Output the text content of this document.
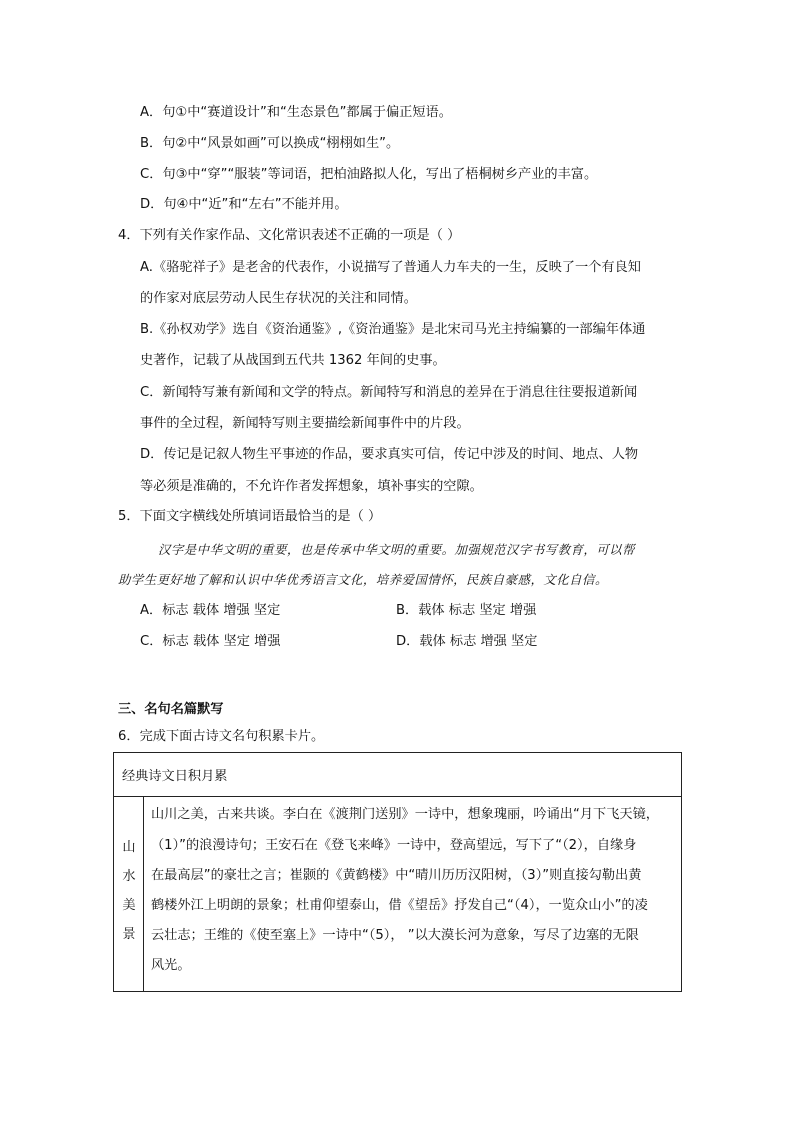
A．句①中“赛道设计”和“生态景色”都属于偏正短语。
B．句②中“风景如画”可以换成“栩栩如生”。
C．句③中“穿”“服装”等词语，把柏油路拟人化，写出了梧桐树乡产业的丰富。
D．句④中“近”和“左右”不能并用。
4．下列有关作家作品、文化常识表述不正确的一项是（ ）
A.《骆驼祥子》是老舍的代表作，小说描写了普通人力车夫的一生，反映了一个有良知
的作家对底层劳动人民生存状况的关注和同情。
B.《孙权劝学》选自《资治通鉴》,《资治通鉴》是北宋司马光主持编纂的一部编年体通
史著作，记载了从战国到五代共 1362 年间的史事。
C．新闻特写兼有新闻和文学的特点。新闻特写和消息的差异在于消息往往要报道新闻
事件的全过程，新闻特写则主要描绘新闻事件中的片段。
D．传记是记叙人物生平事迹的作品，要求真实可信，传记中涉及的时间、地点、人物
等必须是准确的，不允许作者发挥想象，填补事实的空隙。
5．下面文字横线处所填词语最恰当的是（ ）
汉字是中华文明的重要，也是传承中华文明的重要。加强规范汉字书写教育，可以帮
助学生更好地了解和认识中华优秀语言文化，培养爱国情怀，民族自豪感，文化自信。
A．标志 载体 增强 坚定	B．载体 标志 坚定 增强
C．标志 载体 坚定 增强	D．载体 标志 增强 坚定
三、名句名篇默写
6．完成下面古诗文名句积累卡片。
经典诗文日积月累
山
水
美
景
山川之美，古来共谈。李白在《渡荆门送别》一诗中，想象瑰丽，吟诵出“月下飞天镜，
（1）”的浪漫诗句；王安石在《登飞来峰》一诗中，登高望远，写下了“（2），自缘身
在最高层”的豪壮之言；崔颢的《黄鹤楼》中“晴川历历汉阳树，（3）”则直接勾勒出黄
鹤楼外江上明朗的景象；杜甫仰望泰山，借《望岳》抒发自己“（4），一览众山小”的凌
云壮志；王维的《使至塞上》一诗中“（5）， ”以大漠长河为意象，写尽了边塞的无限
风光。
